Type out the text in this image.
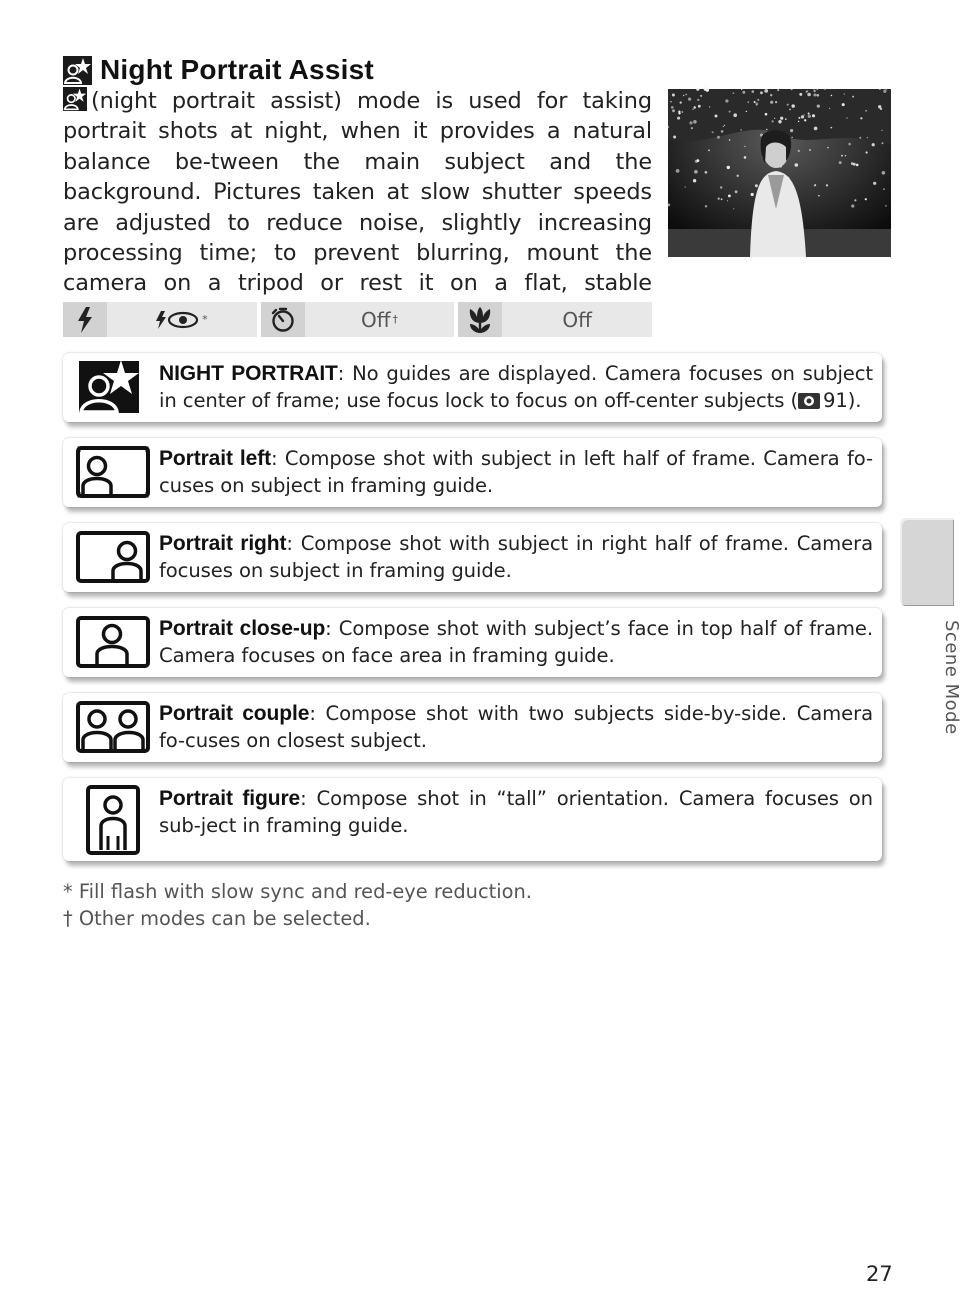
Night Portrait Assist
(night portrait assist) mode is used for taking portrait shots at night, when it provides a natural balance be-tween the main subject and the background. Pictures taken at slow shutter speeds are adjusted to reduce noise, slightly increasing processing time; to prevent blurring, mount the camera on a tripod or rest it on a flat, stable
*	Off †	Off
NIGHT PORTRAIT: No guides are displayed. Camera focuses on subject in center of frame; use focus lock to focus on off-center subjects ( 91).
Portrait left: Compose shot with subject in left half of frame. Camera fo-cuses on subject in framing guide.
Portrait right: Compose shot with subject in right half of frame. Camera focuses on subject in framing guide.
Portrait close-up: Compose shot with subject’s face in top half of frame. Camera focuses on face area in framing guide.
Portrait couple: Compose shot with two subjects side-by-side. Camera fo-cuses on closest subject.
Portrait figure: Compose shot in “tall” orientation. Camera focuses on sub-ject in framing guide.
* Fill flash with slow sync and red-eye reduction.
† Other modes can be selected.
Scene Mode
27
